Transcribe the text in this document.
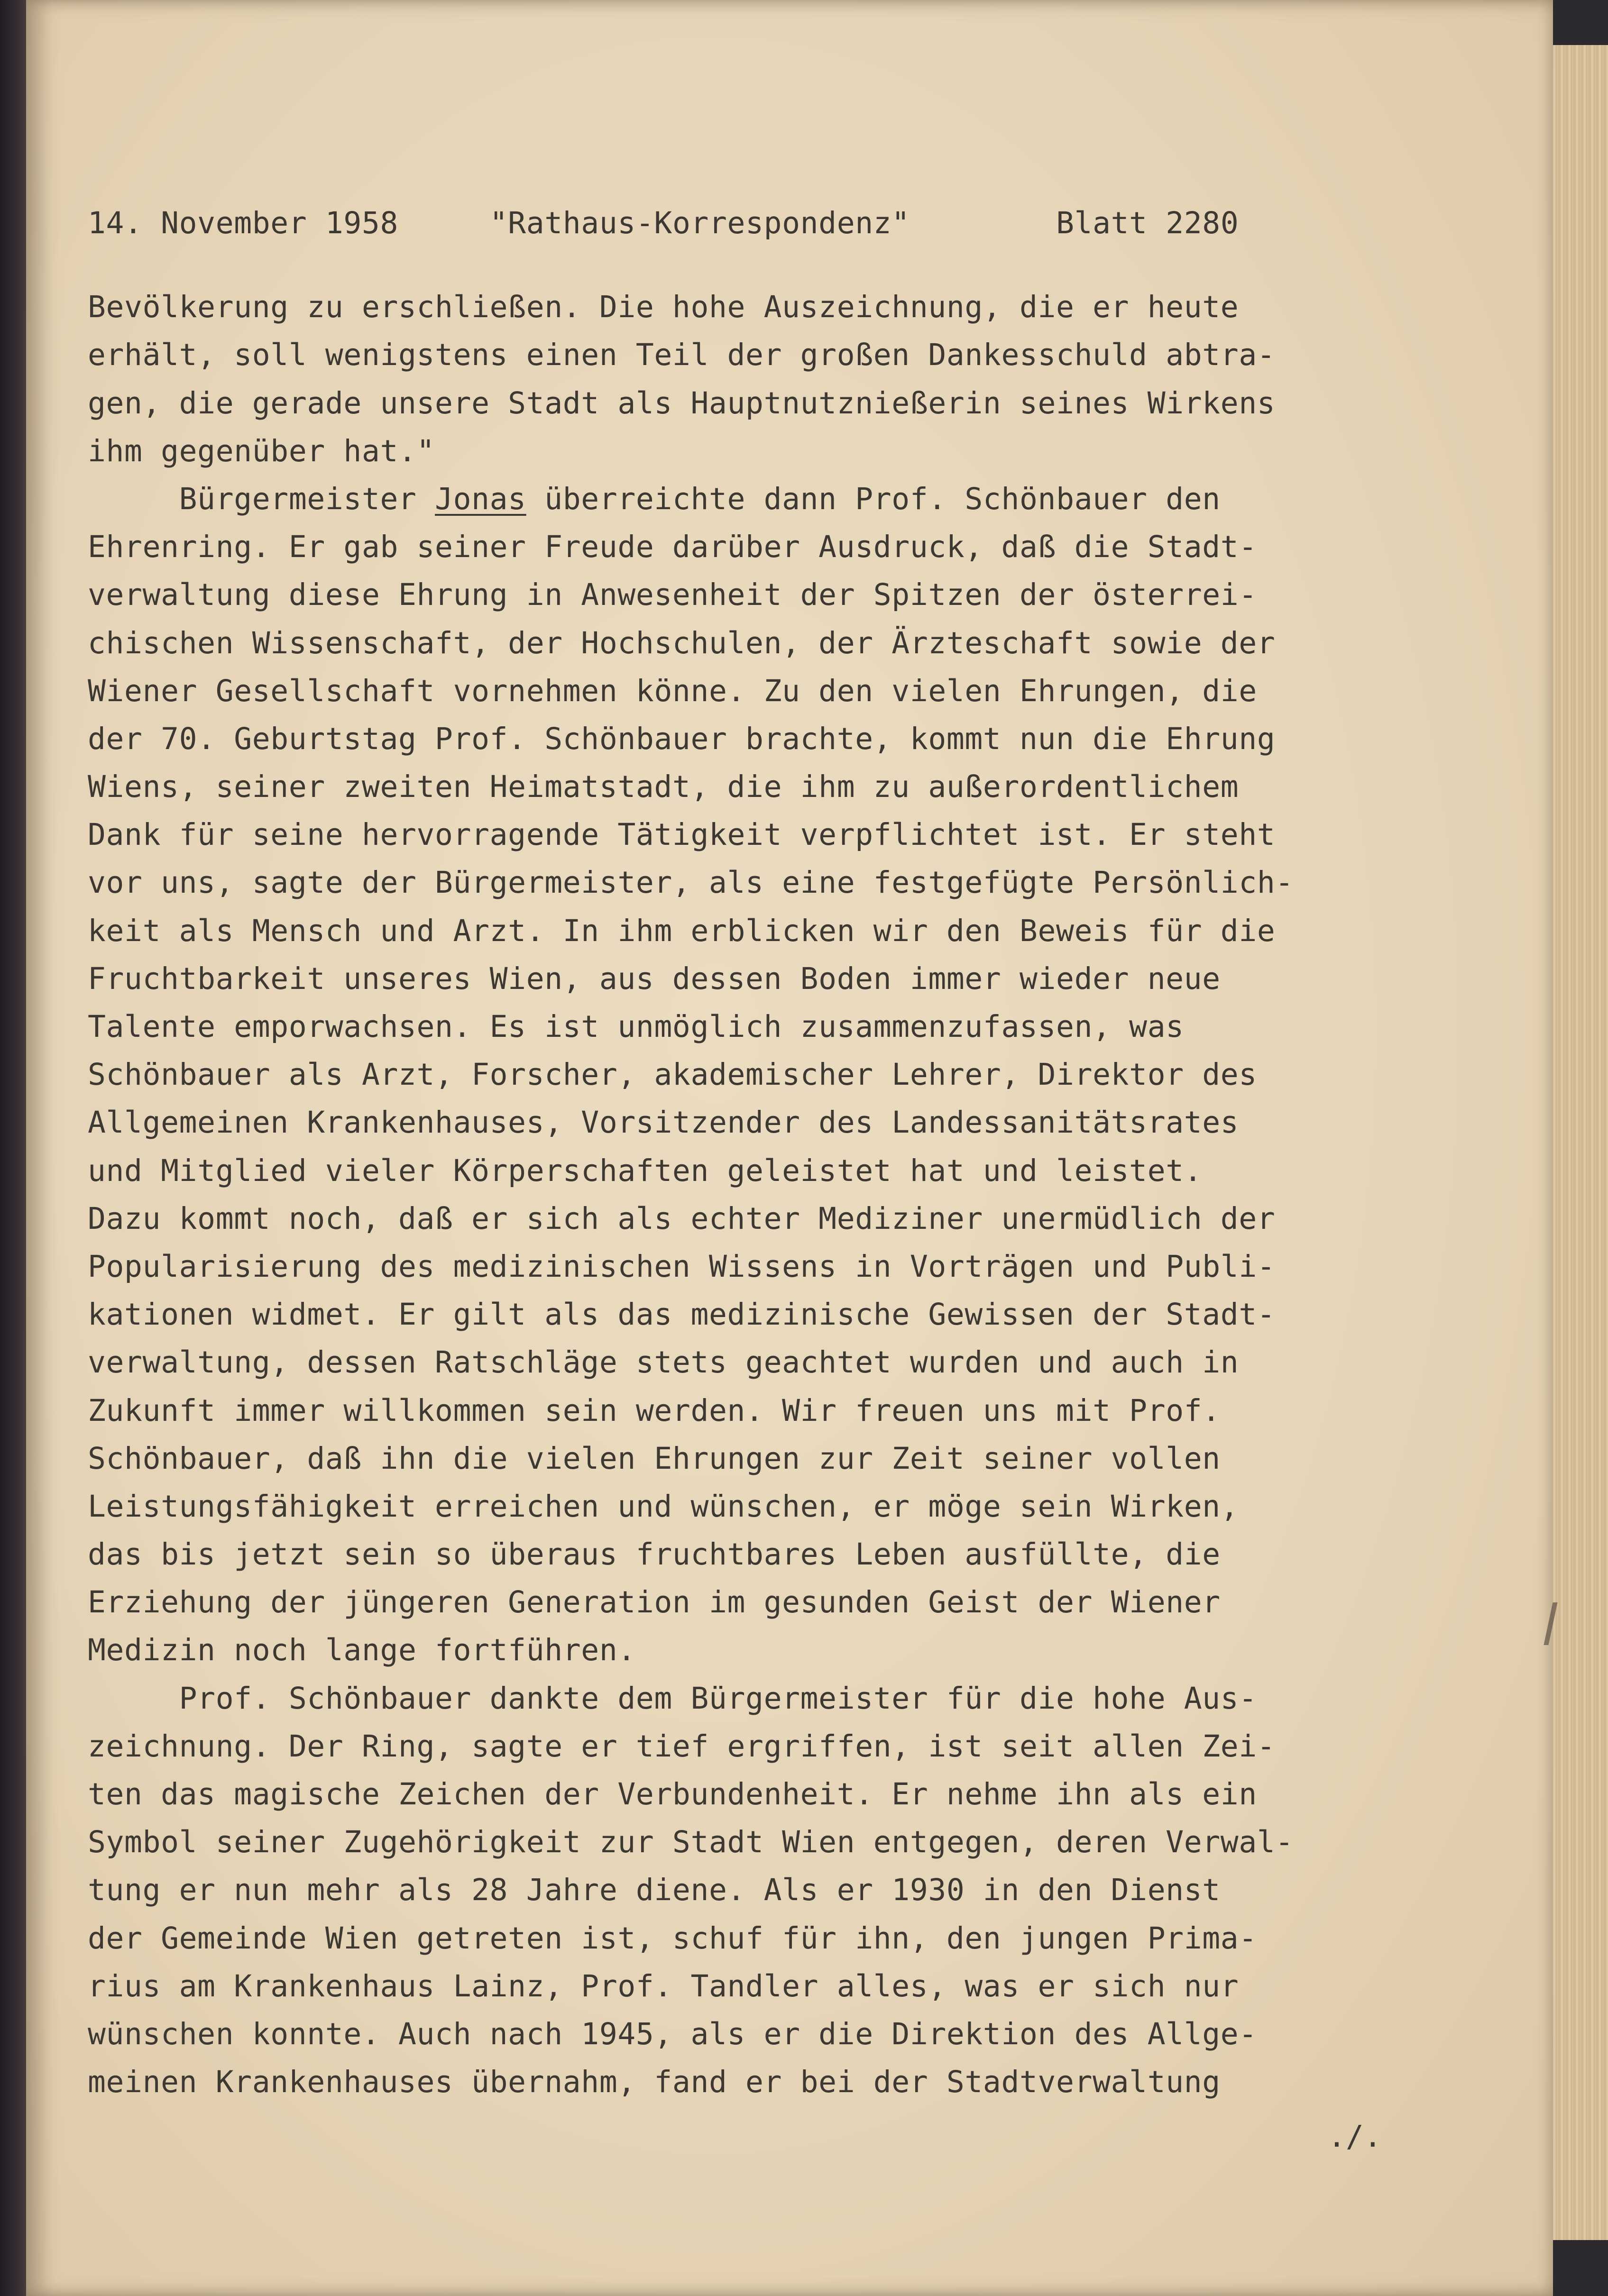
14. November 1958	"Rathaus-Korrespondenz"	Blatt 2280
Bevölkerung zu erschließen. Die hohe Auszeichnung, die er heute
erhält, soll wenigstens einen Teil der großen Dankesschuld abtra-
gen, die gerade unsere Stadt als Hauptnutznießerin seines Wirkens
ihm gegenüber hat."
Bürgermeister Jonas überreichte dann Prof. Schönbauer den
Ehrenring. Er gab seiner Freude darüber Ausdruck, daß die Stadt-
verwaltung diese Ehrung in Anwesenheit der Spitzen der österrei-
chischen Wissenschaft, der Hochschulen, der Ärzteschaft sowie der
Wiener Gesellschaft vornehmen könne. Zu den vielen Ehrungen, die
der 70. Geburtstag Prof. Schönbauer brachte, kommt nun die Ehrung
Wiens, seiner zweiten Heimatstadt, die ihm zu außerordentlichem
Dank für seine hervorragende Tätigkeit verpflichtet ist. Er steht
vor uns, sagte der Bürgermeister, als eine festgefügte Persönlich-
keit als Mensch und Arzt. In ihm erblicken wir den Beweis für die
Fruchtbarkeit unseres Wien, aus dessen Boden immer wieder neue
Talente emporwachsen. Es ist unmöglich zusammenzufassen, was
Schönbauer als Arzt, Forscher, akademischer Lehrer, Direktor des
Allgemeinen Krankenhauses, Vorsitzender des Landessanitätsrates
und Mitglied vieler Körperschaften geleistet hat und leistet.
Dazu kommt noch, daß er sich als echter Mediziner unermüdlich der
Popularisierung des medizinischen Wissens in Vorträgen und Publi-
kationen widmet. Er gilt als das medizinische Gewissen der Stadt-
verwaltung, dessen Ratschläge stets geachtet wurden und auch in
Zukunft immer willkommen sein werden. Wir freuen uns mit Prof.
Schönbauer, daß ihn die vielen Ehrungen zur Zeit seiner vollen
Leistungsfähigkeit erreichen und wünschen, er möge sein Wirken,
das bis jetzt sein so überaus fruchtbares Leben ausfüllte, die
Erziehung der jüngeren Generation im gesunden Geist der Wiener
Medizin noch lange fortführen.
Prof. Schönbauer dankte dem Bürgermeister für die hohe Aus-
zeichnung. Der Ring, sagte er tief ergriffen, ist seit allen Zei-
ten das magische Zeichen der Verbundenheit. Er nehme ihn als ein
Symbol seiner Zugehörigkeit zur Stadt Wien entgegen, deren Verwal-
tung er nun mehr als 28 Jahre diene. Als er 1930 in den Dienst
der Gemeinde Wien getreten ist, schuf für ihn, den jungen Prima-
rius am Krankenhaus Lainz, Prof. Tandler alles, was er sich nur
wünschen konnte. Auch nach 1945, als er die Direktion des Allge-
meinen Krankenhauses übernahm, fand er bei der Stadtverwaltung
./.
